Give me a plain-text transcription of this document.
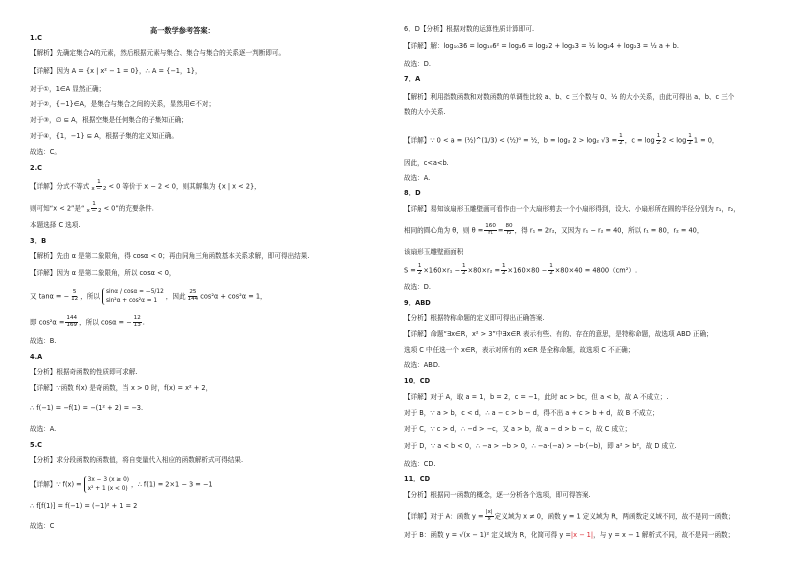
高一数学参考答案：
1.C
【解析】先确定集合A的元素，然后根据元素与集合、集合与集合的关系逐一判断即可。
【详解】因为 A = {x | x² − 1 = 0}，∴ A = {−1，1}，
对于①，1∈A 显然正确；
对于②，{−1}∈A，是集合与集合之间的关系，显然用∈不对；
对于③，∅ ⊆ A，根据空集是任何集合的子集知正确；
对于④，{1，−1} ⊆ A，根据子集的定义知正确。
故选：C。
2.C
本题选择 C 选项.
3．B
【解析】先由 α 是第二象限角，得 cosα < 0；再由同角三角函数基本关系求解，即可得出结果.
【详解】因为 α 是第二象限角，所以 cosα < 0，
故选：B.
4.A
【分析】根据奇函数的性质即可求解.
故选：A.
5.C
【分析】求分段函数的函数值，将自变量代入相应的函数解析式可得结果.
故选：C
【详解】分式不等式 $\frac{1}{x - 2} < 0$ 等价于 x − 2 < 0，则其解集为 {x | x < 2}，
则可知“x < 2”是“ $\frac{1}{x - 2} < 0$”的充要条件.
又 tanα = − $\frac{5}{12}$ ，所以sinα / cosα = −5/12
sin²α + cos²α = 1 ，因此 $\frac{25}{144} \cos^2\alpha + \cos^2\alpha = 1$，
即 $\cos^2\alpha = \frac{144}{169}$ ，所以 cosα = − $\frac{12}{13}$ .
【详解】∵函数 f(x) 是奇函数，当 x > 0 时，f(x) = x² + 2，
∴ f(−1) = −f(1) = −(1² + 2) = −3.
【详解】∵ f(x) =3x − 3 (x ≥ 0)
x² + 1 (x < 0) ，∴ f(1) = 2×1 − 3 = −1
∴ f[f(1)] = f(−1) = (−1)² + 1 = 2
6．D【分析】根据对数的运算性质计算即可.
故选：D.
7．A
【解析】利用指数函数和对数函数的单调性比较 a、b、c 三个数与 0、½ 的大小关系，由此可得出 a、b、c 三个
数的大小关系.
因此，c<a<b.
故选：A.
8．D
【详解】易知该扇形玉雕壁画可看作由一个大扇形剪去一个小扇形得到，设大、小扇形所在圆的半径分别为 r₁，r₂，
该扇形玉雕壁画面积
故选：D.
9．ABD
【分析】根据特称命题的定义即可得出正确答案.
【详解】命题“∃x∈R，x² > 3”中∃x∈R 表示有些、有的、存在的意思，是特称命题，故选项 ABD 正确；
选项 C 中任选一个 x∈R，表示对所有的 x∈R 是全称命题，故选项 C 不正确；
故选：ABD.
10．CD
【详解】对于 A，取 a = 1，b = 2，c = −1，此时 ac > bc，但 a < b，故 A 不成立；.
对于 B，∵ a > b，c < d，∴ a − c > b − d，得不出 a + c > b + d，故 B 不成立；
对于 C，∵ c > d，∴ −d > −c，又 a > b，故 a − d > b − c，故 C 成立；
对于 D，∵ a < b < 0，∴ −a > −b > 0，∴ −a·(−a) > −b·(−b)，即 a² > b²，故 D 成立.
故选：CD.
11．CD
【分析】根据同一函数的概念，逐一分析各个选项，即可得答案.
【详解】解：log₁₀36 = log₁₀6² = log₂6 = log₂2 + log₂3 = ½ log₂4 + log₂3 = ½ a + b.
【详解】∵ 0 < a = (½)^(1/3) < (½)⁰ = ½，b = log₂ 2 > log₂ $√3 = \frac{1}{2}$ ，$c = \log \frac{1}{2} 2 < \log \frac{1}{2} 1 = 0$，
相同的圆心角为 θ，则 $\theta = \frac{160}{\text{r₁}} = \frac{80}{\text{r₂}}$ ，得 r₁ = 2r₂，又因为 r₁ − r₂ = 40，所以 r₁ = 80，r₂ = 40，
$S = \frac{1}{2} \times 160\times r_1 - \frac{1}{2} \times 80\times r_2 = \frac{1}{2} \times 160\times 80 - \frac{1}{2} \times 80\times 40 = 4800(cm^2)$.
【详解】对于 A：函数 $y = \frac{|x|}{x}$ 定义域为 x ≠ 0，函数 y = 1 定义域为 R，两函数定义域不同，故不是同一函数；
对于 B：函数 y = √(x − 1)² 定义域为 R，化简可得 y =|x − 1|，与 y = x − 1 解析式不同，故不是同一函数；
